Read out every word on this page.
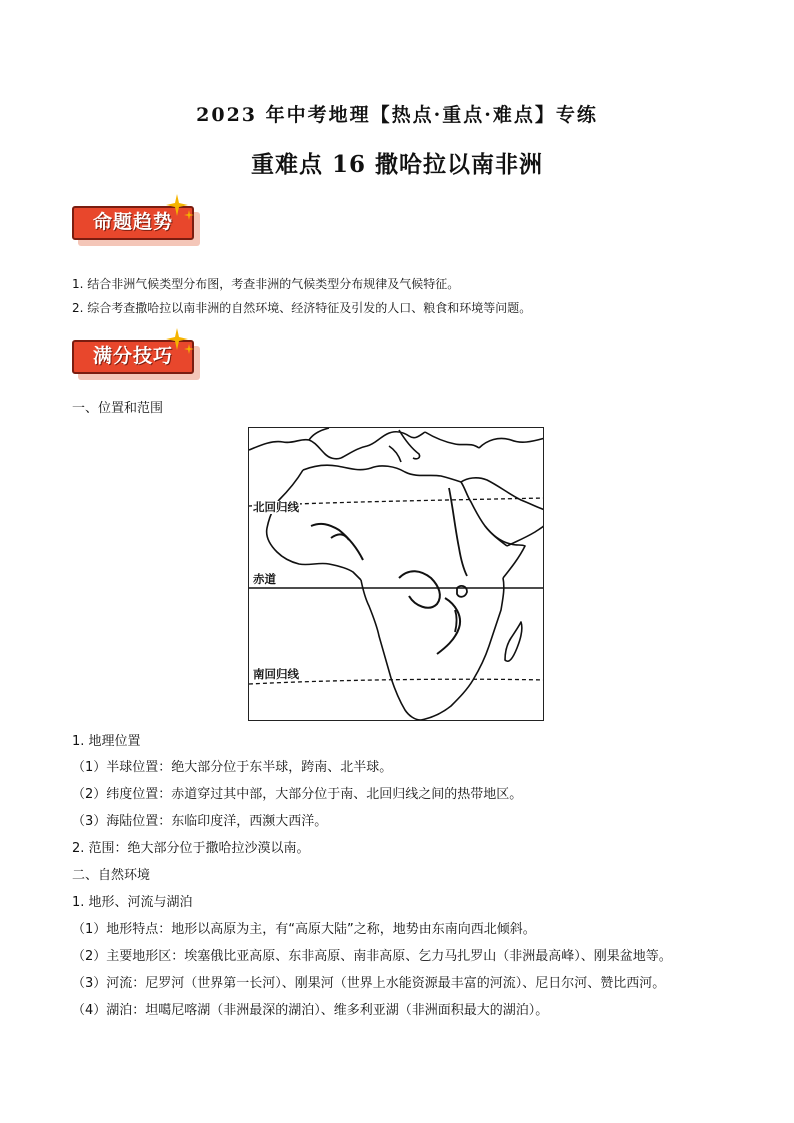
2023 年中考地理【热点·重点·难点】专练
重难点 16 撒哈拉以南非洲
命题趋势
1. 结合非洲气候类型分布图，考查非洲的气候类型分布规律及气候特征。
2. 综合考查撒哈拉以南非洲的自然环境、经济特征及引发的人口、粮食和环境等问题。
满分技巧
一、位置和范围
北回归线
赤道
南回归线
1. 地理位置
（1）半球位置：绝大部分位于东半球，跨南、北半球。
（2）纬度位置：赤道穿过其中部，大部分位于南、北回归线之间的热带地区。
（3）海陆位置：东临印度洋，西濒大西洋。
2. 范围：绝大部分位于撒哈拉沙漠以南。
二、自然环境
1. 地形、河流与湖泊
（1）地形特点：地形以高原为主，有“高原大陆”之称，地势由东南向西北倾斜。
（2）主要地形区：埃塞俄比亚高原、东非高原、南非高原、乞力马扎罗山（非洲最高峰）、刚果盆地等。
（3）河流：尼罗河（世界第一长河）、刚果河（世界上水能资源最丰富的河流）、尼日尔河、赞比西河。
（4）湖泊：坦噶尼喀湖（非洲最深的湖泊）、维多利亚湖（非洲面积最大的湖泊）。
